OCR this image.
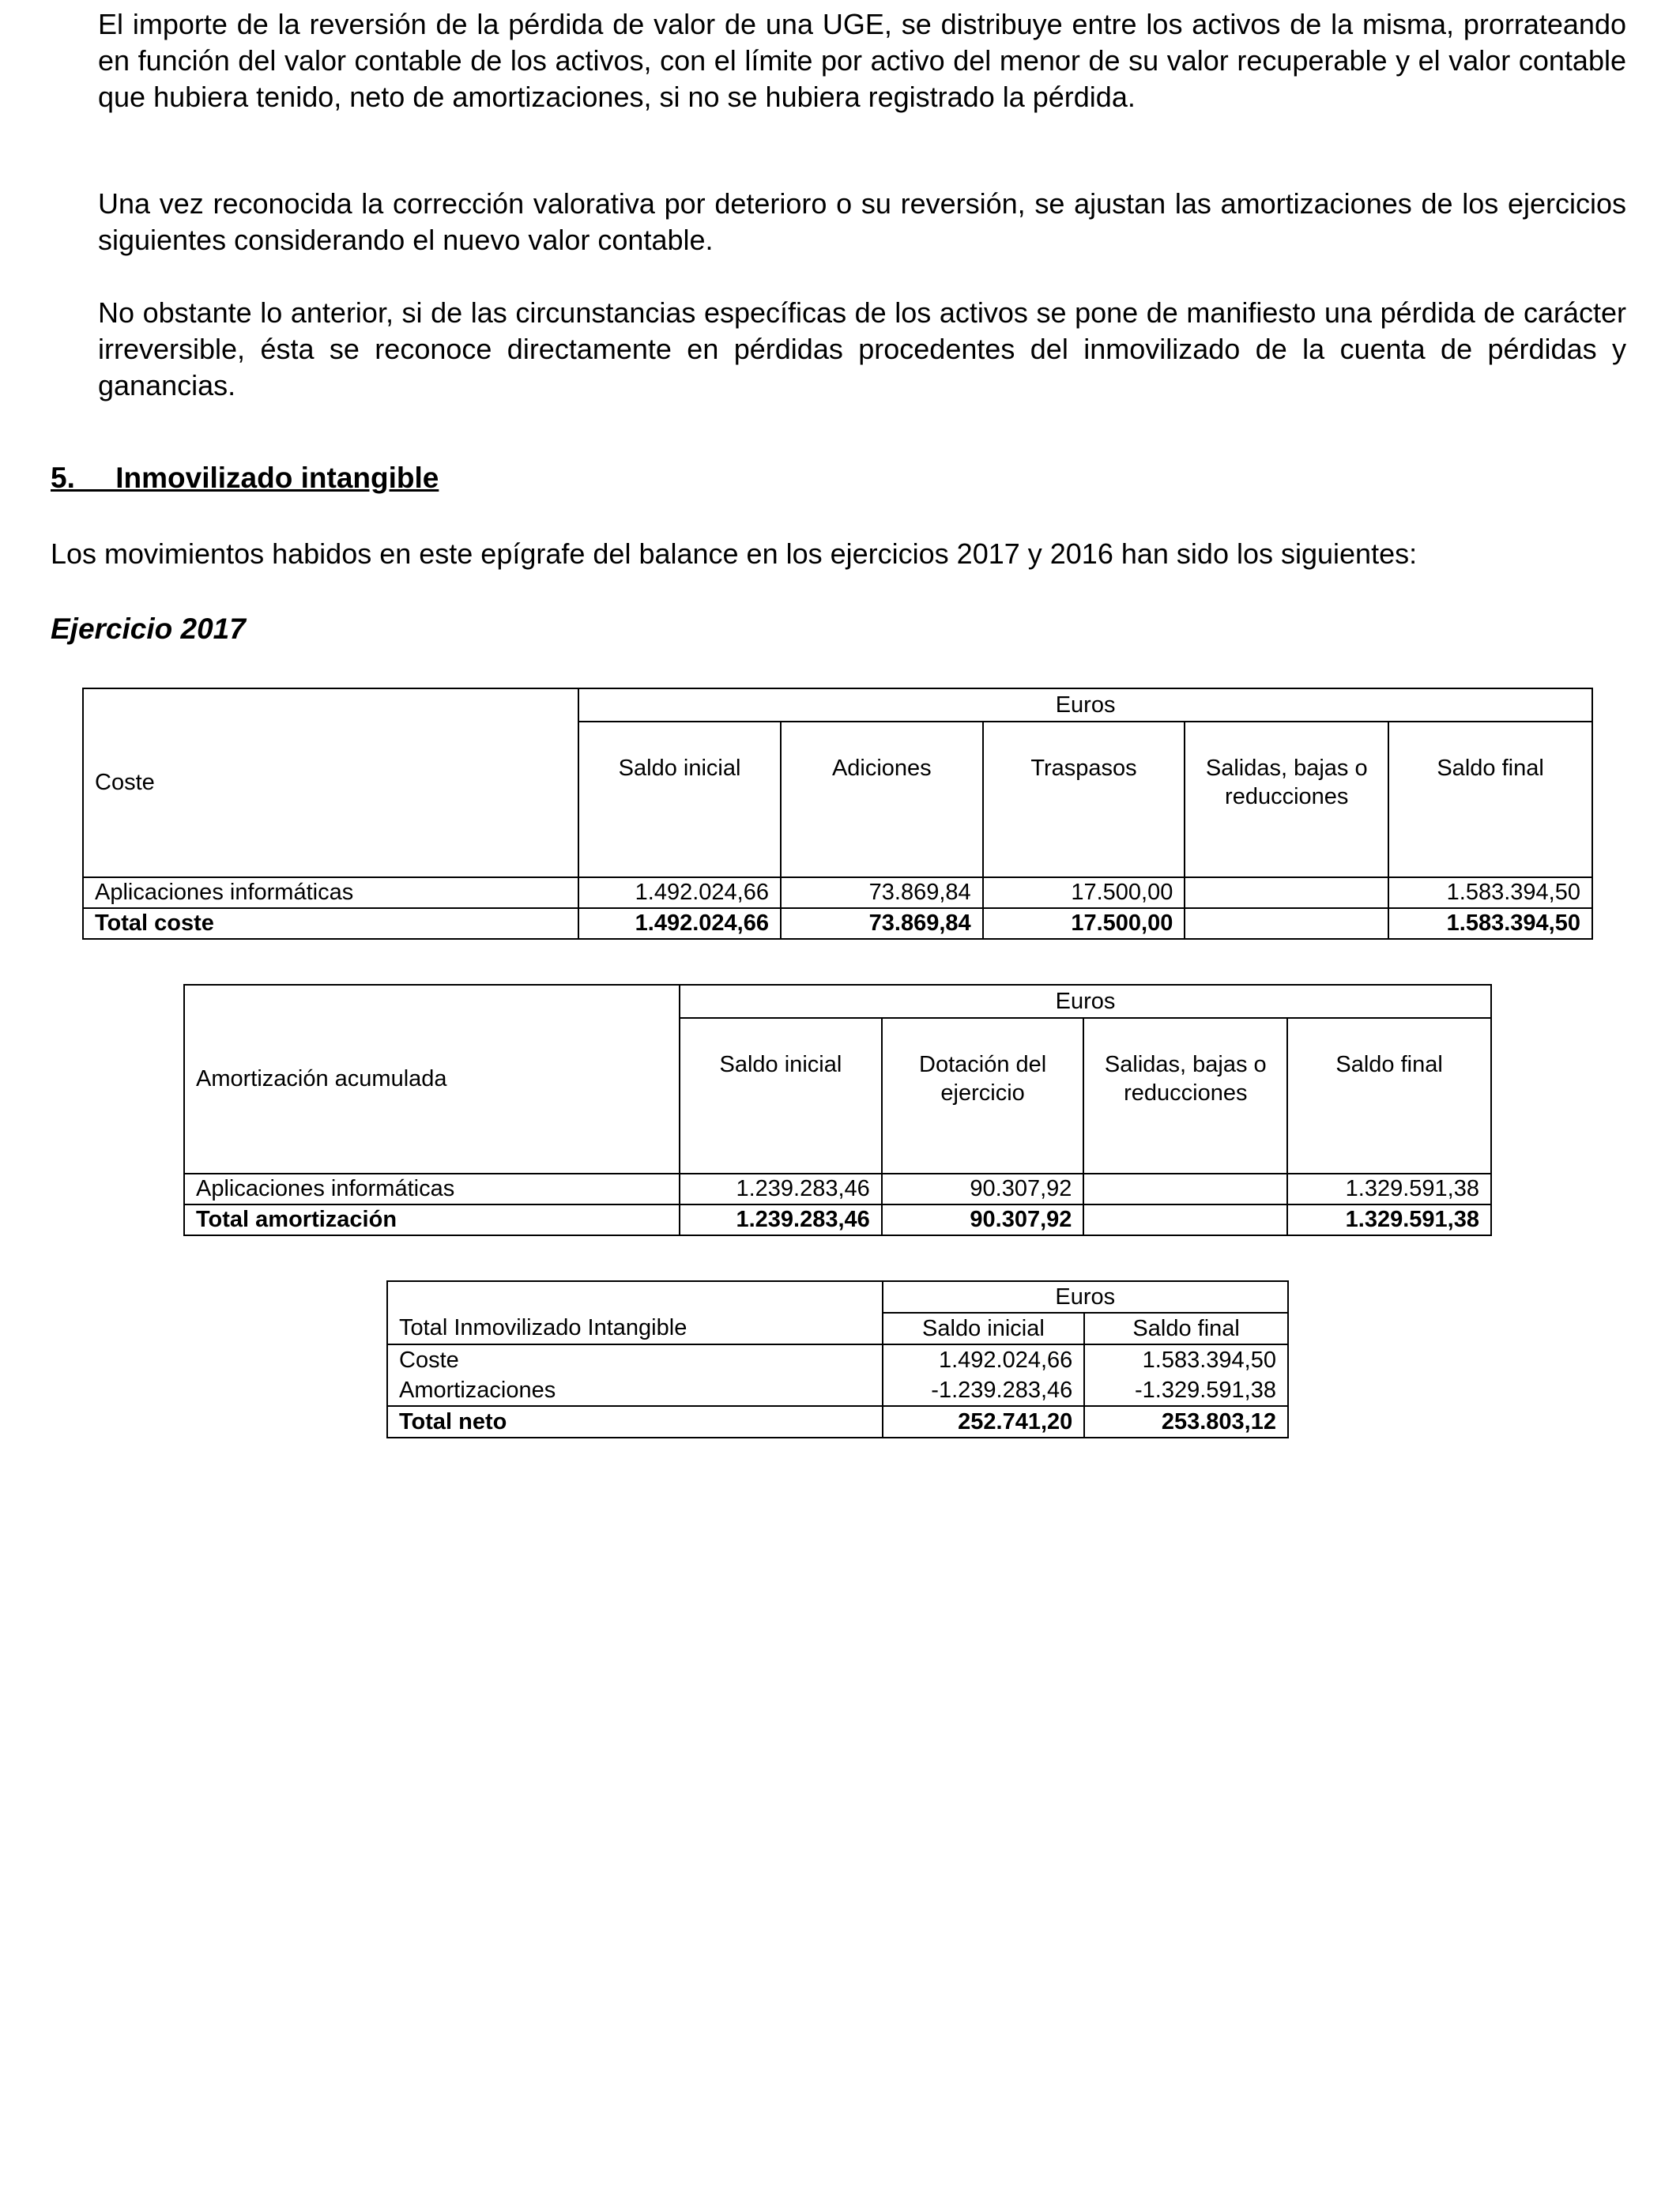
El importe de la reversión de la pérdida de valor de una UGE, se distribuye entre los activos de la misma, prorrateando en función del valor contable de los activos, con el límite por activo del menor de su valor recuperable y el valor contable que hubiera tenido, neto de amortizaciones, si no se hubiera registrado la pérdida.

Una vez reconocida la corrección valorativa por deterioro o su reversión, se ajustan las amortizaciones de los ejercicios siguientes considerando el nuevo valor contable.

No obstante lo anterior, si de las circunstancias específicas de los activos se pone de manifiesto una pérdida de carácter irreversible, ésta se reconoce directamente en pérdidas procedentes del inmovilizado de la cuenta de pérdidas y ganancias.

5.     Inmovilizado intangible

Los movimientos habidos en este epígrafe del balance en los ejercicios 2017 y 2016 han sido los siguientes:

Ejercicio 2017

Coste	Euros				
	Saldo inicial	Adiciones	Traspasos	Salidas, bajas o reducciones	Saldo final
Aplicaciones informáticas	1.492.024,66	73.869,84	17.500,00		1.583.394,50
Total coste	1.492.024,66	73.869,84	17.500,00		1.583.394,50
Amortización acumulada	Euros			
	Saldo inicial	Dotación del ejercicio	Salidas, bajas o reducciones	Saldo final
Aplicaciones informáticas	1.239.283,46	90.307,92		1.329.591,38
Total amortización	1.239.283,46	90.307,92		1.329.591,38
	Euros	
Total Inmovilizado Intangible	Saldo inicial	Saldo final
Coste	1.492.024,66	1.583.394,50
Amortizaciones	-1.239.283,46	-1.329.591,38
Total neto	252.741,20	253.803,12
